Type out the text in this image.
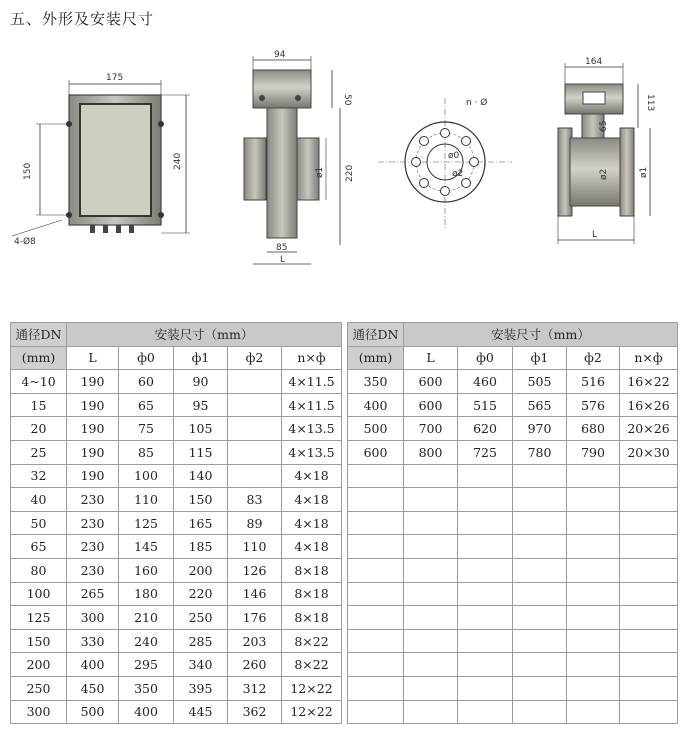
五、外形及安装尺寸
175
150
240
4-Ø8
94
50
220
ø1
85
L
n · Ø
ø0
ø2
164
113
65
ø2	ø1
L
通径DN	安装尺寸（mm）				
(mm)	L	ф0	ф1	ф2	n×ф
4~10	190	60	90		4×11.5
15	190	65	95		4×11.5
20	190	75	105		4×13.5
25	190	85	115		4×13.5
32	190	100	140		4×18
40	230	110	150	83	4×18
50	230	125	165	89	4×18
65	230	145	185	110	4×18
80	230	160	200	126	8×18
100	265	180	220	146	8×18
125	300	210	250	176	8×18
150	330	240	285	203	8×22
200	400	295	340	260	8×22
250	450	350	395	312	12×22
300	500	400	445	362	12×22
通径DN	安装尺寸（mm）				
(mm)	L	ф0	ф1	ф2	n×ф
350	600	460	505	516	16×22
400	600	515	565	576	16×26
500	700	620	970	680	20×26
600	800	725	780	790	20×30
